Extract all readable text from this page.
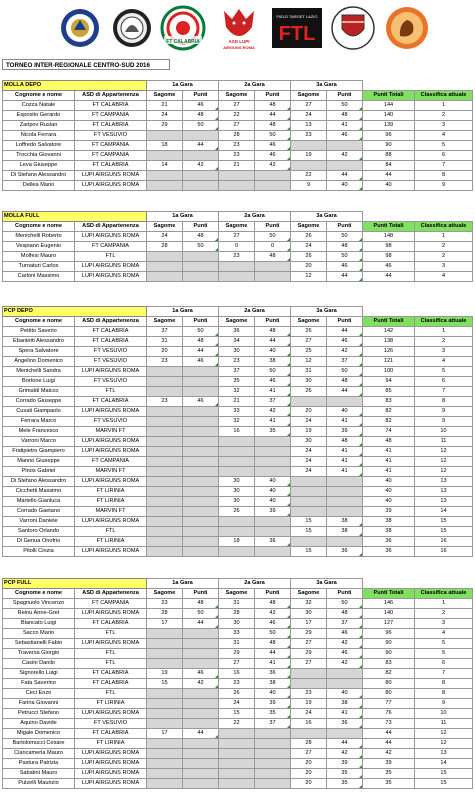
FT CALABRIA	ASD LUPI
AIRGUNS ROMA
FIELD TARGET LAZIO
FTL
TORNEO INTER-REGIONALE CENTRO-SUD 2016
MOLLA DEPO		1a Gara		2a Gara		3a Gara			
Cognome e nome	ASD di Appartenenza	Sagome	Punti	Sagome	Punti	Sagome	Punti	Punti Totali	Classifica attuale
Cozza Natale	FT CALABRIA	21	46	27	48	27	50	144	1
Esposito Gerardo	FT CAMPANIA	24	48	22	44	24	48	140	2
Zaripov Ruslan	FT CALABRIA	29	50	27	48	13	41	139	3
Nicola Ferrara	FT VESUVIO			28	50	23	46	96	4
Loffredo Salvatore	FT CAMPANIA	18	44	23	46			90	5
Trocchia Giovanni	FT CAMPANIA			23	46	19	42	88	6
Leva Giuseppe	FT CALABRIA	14	42	21	42			84	7
Di Stefano Alessandro	LUPI AIRGUNS ROMA					22	44	44	8
Dellea Mario	LUPI AIRGUNS ROMA					9	40	40	9
MOLLA FULL		1a Gara		2a Gara		3a Gara			
Cognome e nome	ASD di Appartenenza	Sagome	Punti	Sagome	Punti	Sagome	Punti	Punti Totali	Classifica attuale
Menichelli Roberto	LUPI AIRGUNS ROMA	24	48	27	50	26	50	148	1
Vespiano Eugenio	FT CAMPANIA	28	50	0	0	24	48	98	2
Molfesi Mauro	FTL			23	48	26	50	98	2
Turnaturi Carlos	LUPI AIRGUNS ROMA					20	46	46	3
Carloni Massimo	LUPI AIRGUNS ROMA					12	44	44	4
PCP DEPO		1a Gara		2a Gara		3a Gara			
Cognome e nome	ASD di Appartenenza	Sagome	Punti	Sagome	Punti	Sagome	Punti	Punti Totali	Classifica attuale
Pettito Saverio	FT CALABRIA	37	50	36	48	26	44	142	1
Ebanietti Alessandro	FT CALABRIA	31	48	34	44	27	46	138	2
Spera Salvatore	FT VESUVIO	20	44	30	40	25	42	126	3
Angelino Domenico	FT VESUVIO	23	46	23	38	12	37	121	4
Menichelli Sandra	LUPI AIRGUNS ROMA			37	50	31	50	100	5
Bortone Luigi	FT VESUVIO			35	46	30	48	94	6
Grimaldi Maicco	FTL			32	41	26	44	85	7
Corrado Giuseppe	FT CALABRIA	23	46	21	37			83	8
Cusati Giampaolo	LUPI AIRGUNS ROMA			33	42	20	40	82	9
Ferrara Marco	FT VESUVIO			32	41	24	41	82	9
Mele Francesco	MARVIN FT			16	35	19	39	74	10
Varroni Marco	LUPI AIRGUNS ROMA					30	48	48	11
Fratipietro Giampiero	LUPI AIRGUNS ROMA					24	41	41	12
Manno Giuseppe	FT CAMPANIA					24	41	41	12
Pinos Gabriel	MARVIN FT					24	41	41	12
Di Stefano Alessandro	LUPI AIRGUNS ROMA			30	40			40	13
Cicchetti Massimo	FT LIRINIA			30	40			40	13
Martello Gianluca	FT LIRINIA			30	40			40	13
Corrado Gaetano	MARVIN FT			26	39			39	14
Varroni Daniele	LUPI AIRGUNS ROMA					15	38	38	15
Santoro Orlando	FTL					15	38	38	15
Di Genua Onofrio	FT LIRINIA			18	36			36	16
Pitolli Cinzia	LUPI AIRGUNS ROMA					15	36	36	16
PCP FULL		1a Gara		2a Gara		3a Gara			
Cognome e nome	ASD di Appartenenza	Sagome	Punti	Sagome	Punti	Sagome	Punti	Punti Totali	Classifica attuale
Spagnuolo Vincenzo	FT CAMPANIA	23	48	31	48	32	50	146	1
Reinu Anne-Gret	LUPI AIRGUNS ROMA	28	50	28	42	30	48	140	2
Blancato Luigi	FT CALABRIA	17	44	30	46	17	37	127	3
Sacco Mario	FTL			33	50	29	46	96	4
Sebastianelli Fabio	LUPI AIRGUNS ROMA			31	48	27	42	90	5
Traversa Giorgio	FTL			29	44	29	46	90	5
Casini Danilo	FTL			27	41	27	42	83	6
Signorello Luigi	FT CALABRIA	19	46	16	36			82	7
Fata Saverino	FT CALABRIA	15	42	23	38			80	8
Ceci Enzo	FTL			26	40	23	40	80	8
Farina Giovanni	FT LIRINIA			24	39	19	38	77	9
Petrucci Stefano	LUPI AIRGUNS ROMA			15	35	24	41	76	10
Aquino Davide	FT VESUVIO			22	37	16	36	73	11
Migale Domenico	FT CALABRIA	17	44					44	12
Bartolomucci Cesare	FT LIRINIA					28	44	44	12
Ciancamerla Mauro	LUPI AIRGUNS ROMA					27	42	42	13
Pastura Patrizia	LUPI AIRGUNS ROMA					20	39	39	14
Sabatini Mauro	LUPI AIRGUNS ROMA					20	35	35	15
Pulzelli Maurizio	LUPI AIRGUNS ROMA					20	35	35	15
